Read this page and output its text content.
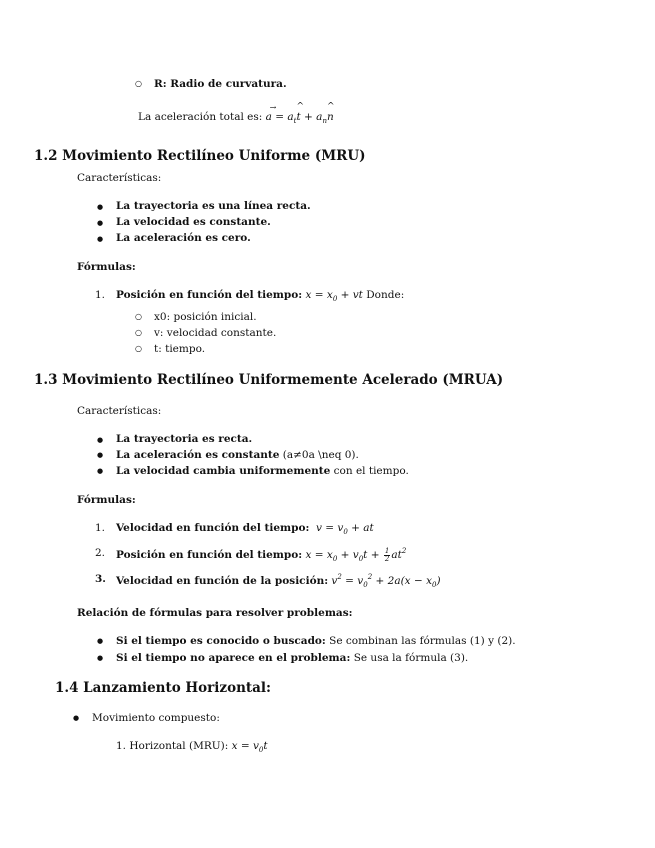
○ R: Radio de curvatura.
La aceleración total es: a → = $a_t\^{}$ $t + a_n\^{}$ n
1.2 Movimiento Rectilíneo Uniforme (MRU)
Características:
● La trayectoria es una línea recta.
● La velocidad es constante.
● La aceleración es cero.
Fórmulas:
1. Posición en función del tiempo: $x = x_0$ + vt Donde:
○ x0: posición inicial.
○ v: velocidad constante.
○ t: tiempo.
1.3 Movimiento Rectilíneo Uniformemente Acelerado (MRUA)
Características:
● La trayectoria es recta.
● La aceleración es constante (a≠0a \neq 0).
● La velocidad cambia uniformemente con el tiempo.
Fórmulas:
1. Velocidad en función del tiempo:  $v = v_0$ + at
2. Posición en función del tiempo: $x = x_0 + v_0t + \frac{1}{2} at^2$
3. Velocidad en función de la posición: $v^2 = v_0^2 + 2a(x - x_0)$
Relación de fórmulas para resolver problemas:
● Si el tiempo es conocido o buscado: Se combinan las fórmulas (1) y (2).
● Si el tiempo no aparece en el problema: Se usa la fórmula (3).
1.4 Lanzamiento Horizontal:
● Movimiento compuesto:
1. Horizontal (MRU): $x = v_0t$
